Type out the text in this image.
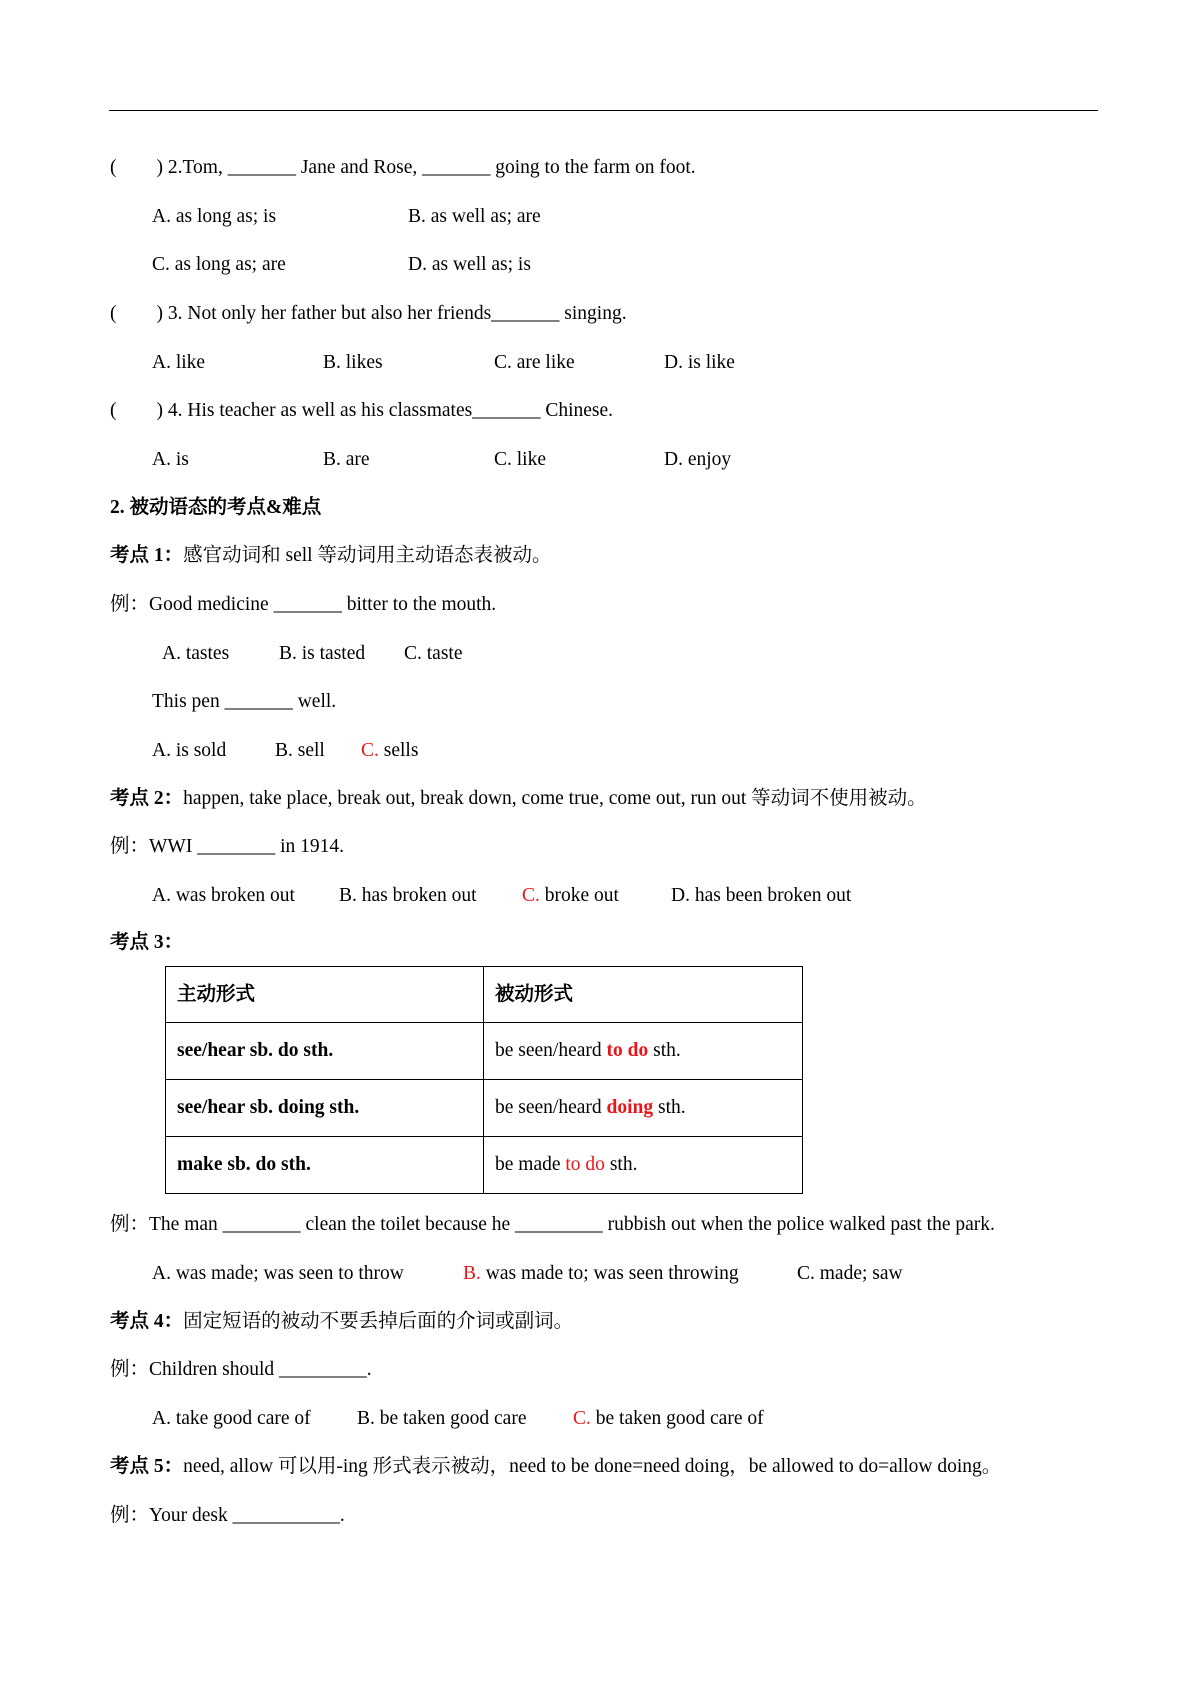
( ) 2.Tom, _______ Jane and Rose, _______ going to the farm on foot.
A. as long as; is	B. as well as; are
C. as long as; are	D. as well as; is
( ) 3. Not only her father but also her friends_______ singing.
A. like	B. likes	C. are like	D. is like
( ) 4. His teacher as well as his classmates_______ Chinese.
A. is	B. are	C. like	D. enjoy
2. 被动语态的考点&难点
考点 1：感官动词和 sell 等动词用主动语态表被动。
例：Good medicine _______ bitter to the mouth.
A. tastes	B. is tasted C. taste
This pen _______ well.
A. is sold	B. sell C. sells
考点 2：happen, take place, break out, break down, come true, come out, run out 等动词不使用被动。
例：WWI ________ in 1914.
A. was broken out B. has broken out C. broke out	D. has been broken out
考点 3：
主动形式	被动形式
see/hear sb. do sth.	be seen/heard to do sth.
see/hear sb. doing sth.	be seen/heard doing sth.
make sb. do sth.	be made to do sth.
例：The man ________ clean the toilet because he _________ rubbish out when the police walked past the park.
A. was made; was seen to throw	B. was made to; was seen throwing	C. made; saw
考点 4：固定短语的被动不要丢掉后面的介词或副词。
例：Children should _________.
A. take good care of B. be taken good care C. be taken good care of
考点 5：need, allow 可以用-ing 形式表示被动，need to be done=need doing，be allowed to do=allow doing。
例：Your desk ___________.
